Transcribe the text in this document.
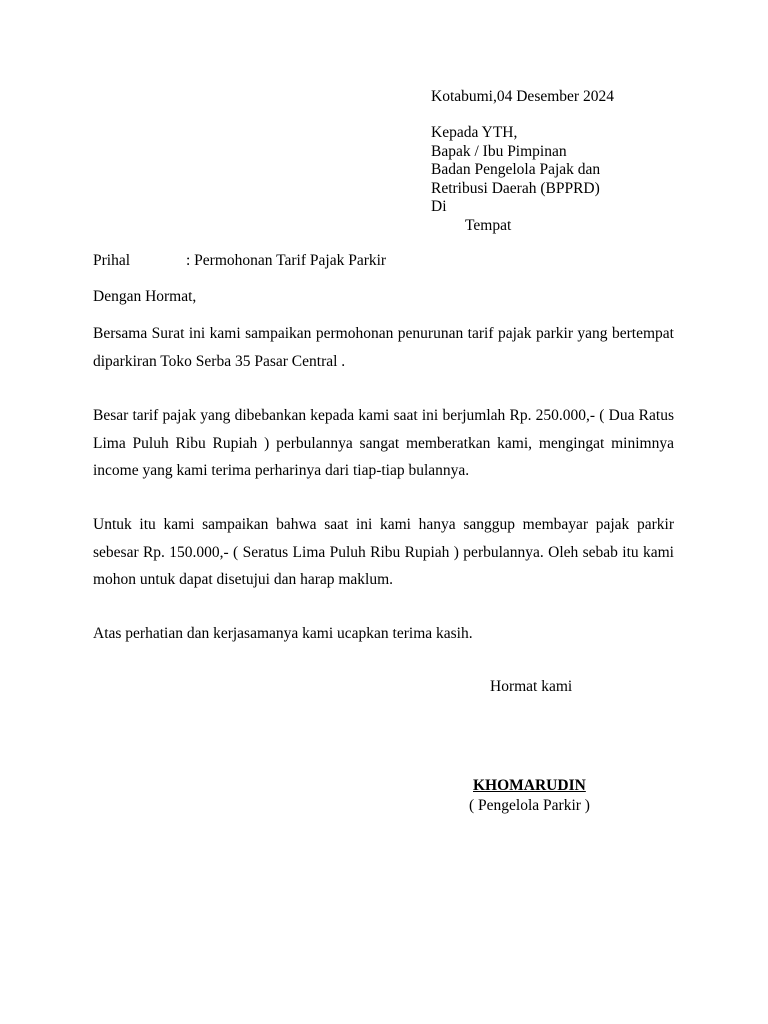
Kotabumi,04 Desember 2024
Kepada YTH,
Bapak / Ibu Pimpinan
Badan Pengelola Pajak dan
Retribusi Daerah (BPPRD)
Di
Tempat
Prihal	: Permohonan Tarif Pajak Parkir
Dengan Hormat,
Bersama Surat ini kami sampaikan permohonan penurunan tarif pajak parkir yang bertempat diparkiran Toko Serba 35 Pasar Central .
Besar tarif pajak yang dibebankan kepada kami saat ini berjumlah Rp. 250.000,- ( Dua Ratus Lima Puluh Ribu Rupiah ) perbulannya sangat memberatkan kami, mengingat minimnya income yang kami terima perharinya dari tiap-tiap bulannya.
Untuk itu kami sampaikan bahwa saat ini kami hanya sanggup membayar pajak parkir sebesar Rp. 150.000,- ( Seratus Lima Puluh Ribu Rupiah ) perbulannya. Oleh sebab itu kami mohon untuk dapat disetujui dan harap maklum.
Atas perhatian dan kerjasamanya kami ucapkan terima kasih.
Hormat kami
KHOMARUDIN
( Pengelola Parkir )
